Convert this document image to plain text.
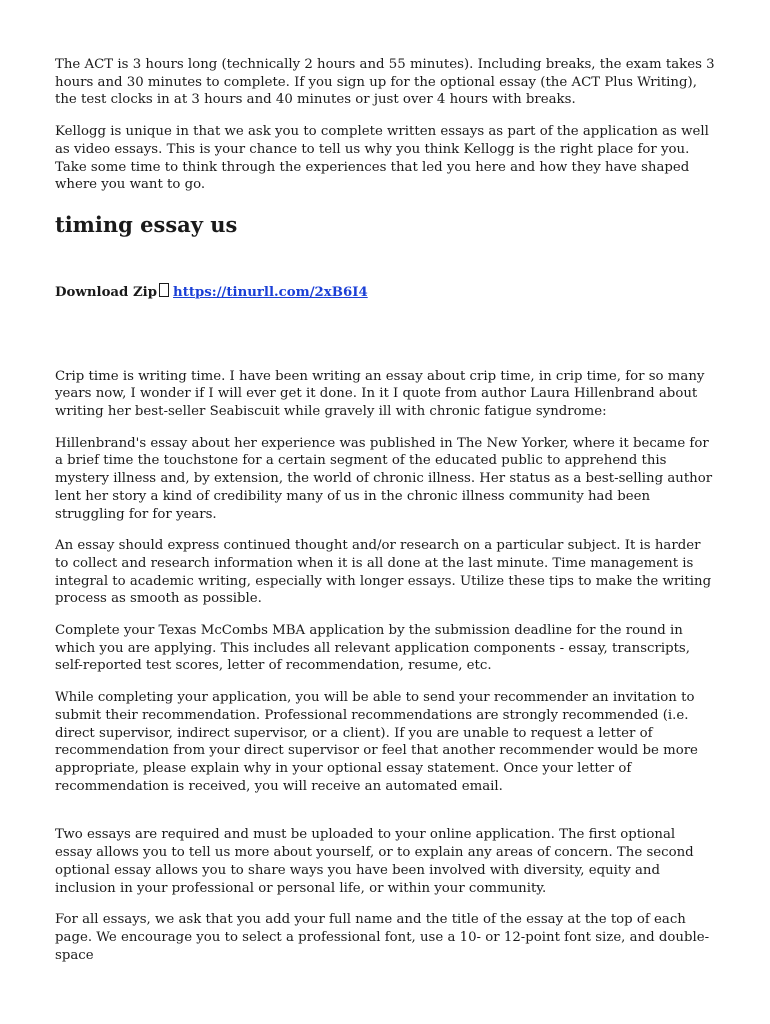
The ACT is 3 hours long (technically 2 hours and 55 minutes). Including breaks, the exam takes 3 hours and 30 minutes to complete. If you sign up for the optional essay (the ACT Plus Writing), the test clocks in at 3 hours and 40 minutes or just over 4 hours with breaks.

Kellogg is unique in that we ask you to complete written essays as part of the application as well as video essays. This is your chance to tell us why you think Kellogg is the right place for you. Take some time to think through the experiences that led you here and how they have shaped where you want to go.

timing essay us
Download Zip https://tinurll.com/2xB6I4

Crip time is writing time. I have been writing an essay about crip time, in crip time, for so many years now, I wonder if I will ever get it done. In it I quote from author Laura Hillenbrand about writing her best-seller Seabiscuit while gravely ill with chronic fatigue syndrome:

Hillenbrand's essay about her experience was published in The New Yorker, where it became for a brief time the touchstone for a certain segment of the educated public to apprehend this mystery illness and, by extension, the world of chronic illness. Her status as a best-selling author lent her story a kind of credibility many of us in the chronic illness community had been struggling for for years.

An essay should express continued thought and/or research on a particular subject. It is harder to collect and research information when it is all done at the last minute. Time management is integral to academic writing, especially with longer essays. Utilize these tips to make the writing process as smooth as possible.

Complete your Texas McCombs MBA application by the submission deadline for the round in which you are applying. This includes all relevant application components - essay, transcripts, self-reported test scores, letter of recommendation, resume, etc.

While completing your application, you will be able to send your recommender an invitation to submit their recommendation. Professional recommendations are strongly recommended (i.e. direct supervisor, indirect supervisor, or a client). If you are unable to request a letter of recommendation from your direct supervisor or feel that another recommender would be more appropriate, please explain why in your optional essay statement. Once your letter of recommendation is received, you will receive an automated email.

Two essays are required and must be uploaded to your online application. The first optional essay allows you to tell us more about yourself, or to explain any areas of concern. The second optional essay allows you to share ways you have been involved with diversity, equity and inclusion in your professional or personal life, or within your community.

For all essays, we ask that you add your full name and the title of the essay at the top of each page. We encourage you to select a professional font, use a 10- or 12-point font size, and double-space
